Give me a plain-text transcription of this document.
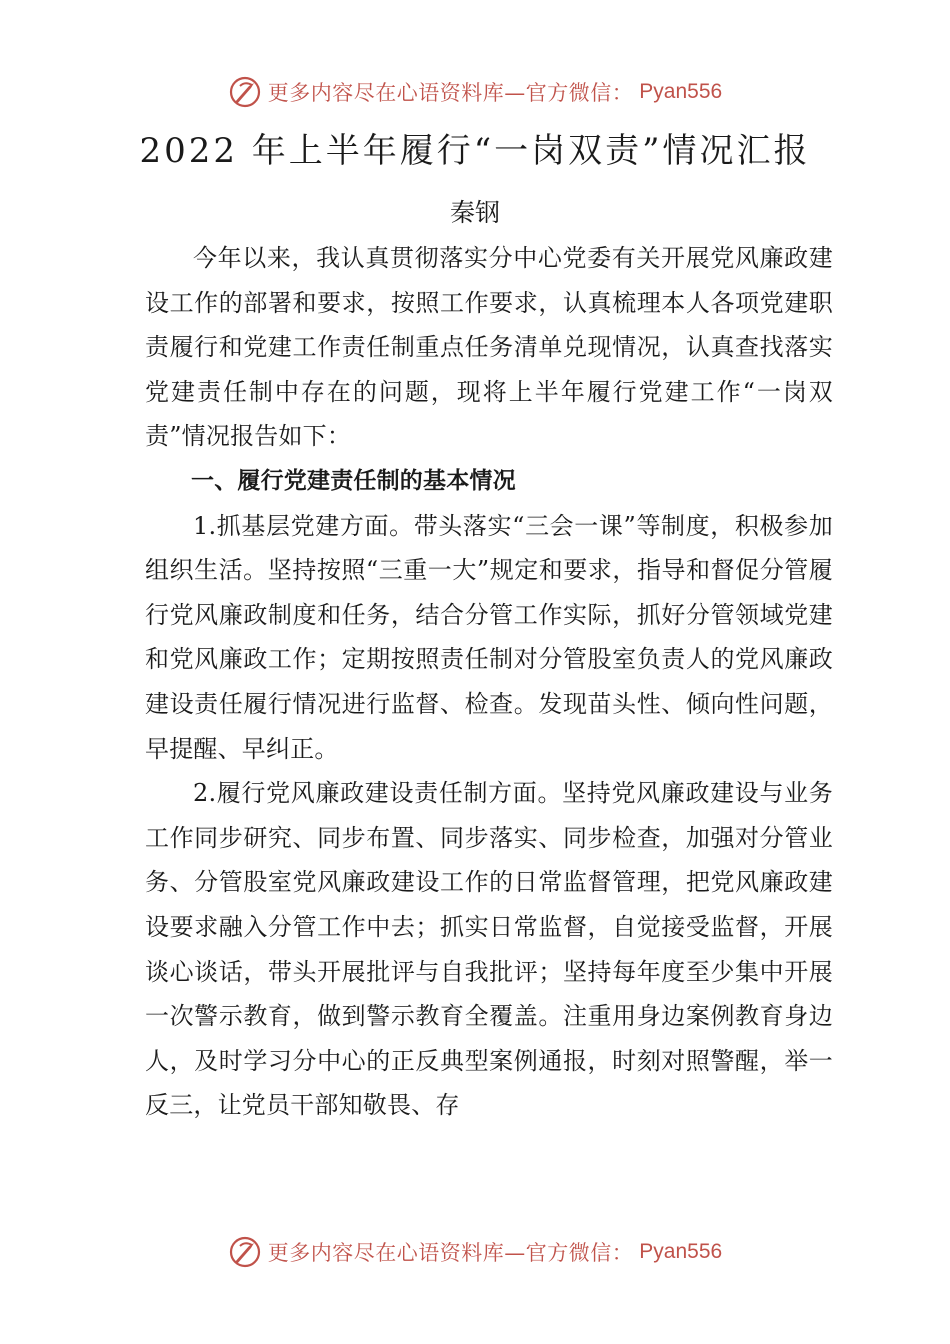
更多内容尽在心语资料库—官方微信： Pyan556
2022 年上半年履行“一岗双责”情况汇报
秦钢

今年以来，我认真贯彻落实分中心党委有关开展党风廉政建设工作的部署和要求，按照工作要求，认真梳理本人各项党建职责履行和党建工作责任制重点任务清单兑现情况，认真查找落实党建责任制中存在的问题，现将上半年履行党建工作“一岗双责”情况报告如下：

一、履行党建责任制的基本情况

1.抓基层党建方面。带头落实“三会一课”等制度，积极参加组织生活。坚持按照“三重一大”规定和要求，指导和督促分管履行党风廉政制度和任务，结合分管工作实际，抓好分管领域党建和党风廉政工作；定期按照责任制对分管股室负责人的党风廉政建设责任履行情况进行监督、检查。发现苗头性、倾向性问题，早提醒、早纠正。

2.履行党风廉政建设责任制方面。坚持党风廉政建设与业务工作同步研究、同步布置、同步落实、同步检查，加强对分管业务、分管股室党风廉政建设工作的日常监督管理，把党风廉政建设要求融入分管工作中去；抓实日常监督，自觉接受监督，开展谈心谈话，带头开展批评与自我批评；坚持每年度至少集中开展一次警示教育，做到警示教育全覆盖。注重用身边案例教育身边人，及时学习分中心的正反典型案例通报，时刻对照警醒，举一反三，让党员干部知敬畏、存

更多内容尽在心语资料库—官方微信： Pyan556
